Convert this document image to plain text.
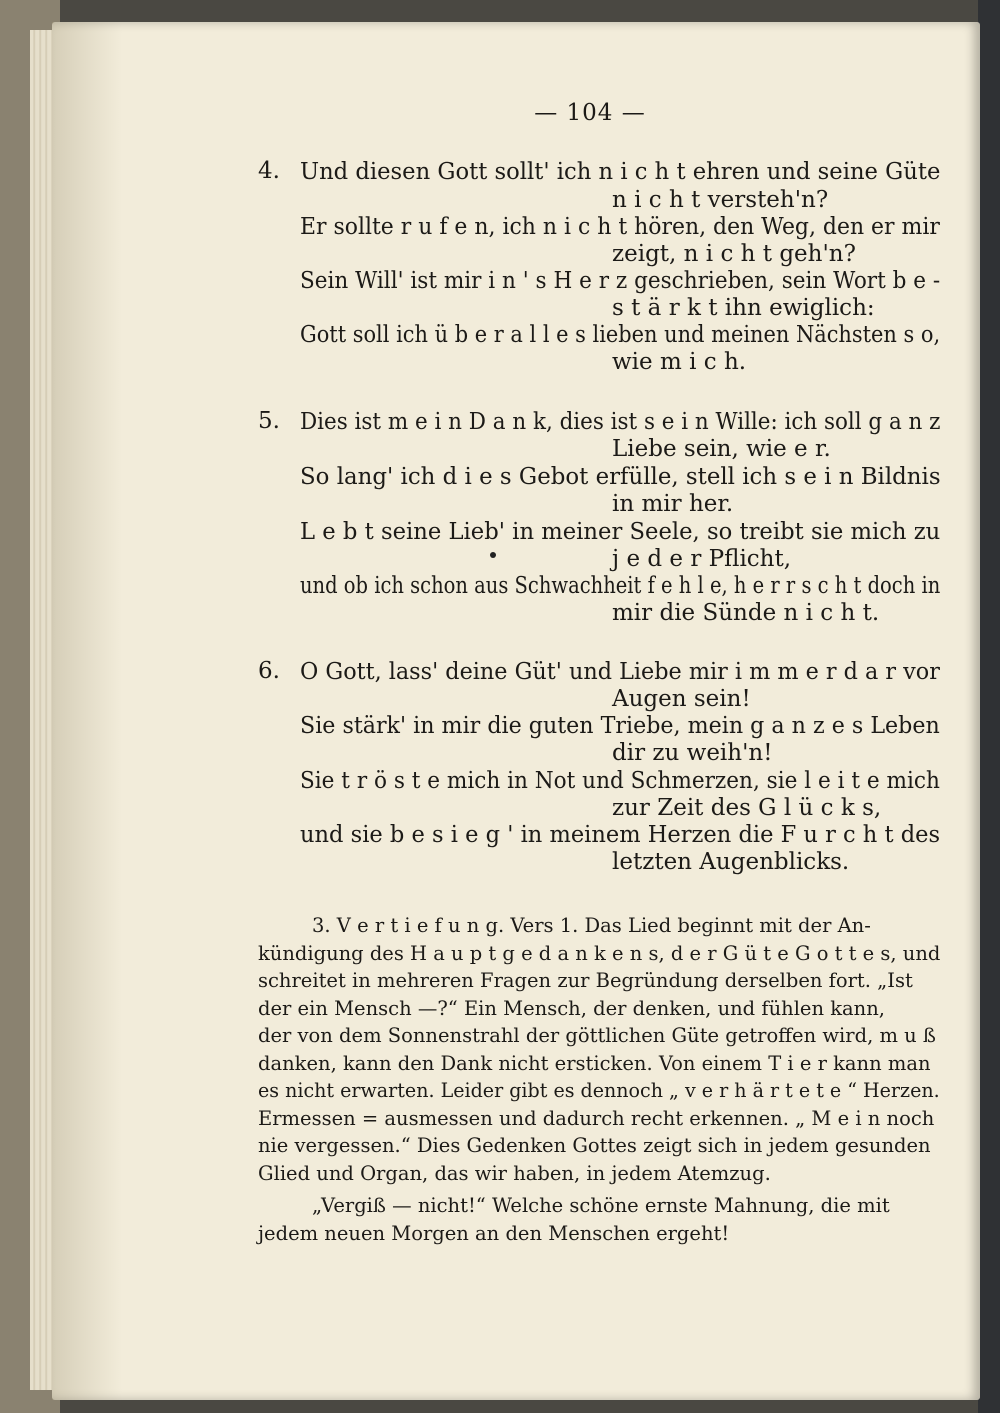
— 104 —
4. Und diesen Gott sollt' ich n i c h t ehren und seine Güte
n i c h t versteh'n?
Er sollte r u f e n, ich n i c h t hören, den Weg, den er mir
zeigt, n i c h t geh'n?
Sein Will' ist mir i n ' s H e r z geschrieben, sein Wort b e -
s t ä r k t ihn ewiglich:
Gott soll ich ü b e r a l l e s lieben und meinen Nächsten s o,
wie m i c h.
5. Dies ist m e i n D a n k, dies ist s e i n Wille: ich soll g a n z
Liebe sein, wie e r.
So lang' ich d i e s Gebot erfülle, stell ich s e i n Bildnis
in mir her.
L e b t seine Lieb' in meiner Seele, so treibt sie mich zu
j e d e r Pflicht,
und ob ich schon aus Schwachheit f e h l e, h e r r s c h t doch in
mir die Sünde n i c h t.
6. O Gott, lass' deine Güt' und Liebe mir i m m e r d a r vor
Augen sein!
Sie stärk' in mir die guten Triebe, mein g a n z e s Leben
dir zu weih'n!
Sie t r ö s t e mich in Not und Schmerzen, sie l e i t e mich
zur Zeit des G l ü c k s,
und sie b e s i e g ' in meinem Herzen die F u r c h t des
letzten Augenblicks.
3. V e r t i e f u n g. Vers 1. Das Lied beginnt mit der An-
kündigung des H a u p t g e d a n k e n s, d e r G ü t e G o t t e s, und
schreitet in mehreren Fragen zur Begründung derselben fort. „Ist
der ein Mensch —?“ Ein Mensch, der denken, und fühlen kann,
der von dem Sonnenstrahl der göttlichen Güte getroffen wird, m u ß
danken, kann den Dank nicht ersticken. Von einem T i e r kann man
es nicht erwarten. Leider gibt es dennoch „ v e r h ä r t e t e “ Herzen.
Ermessen = ausmessen und dadurch recht erkennen. „ M e i n noch
nie vergessen.“ Dies Gedenken Gottes zeigt sich in jedem gesunden
Glied und Organ, das wir haben, in jedem Atemzug.
„Vergiß — nicht!“ Welche schöne ernste Mahnung, die mit
jedem neuen Morgen an den Menschen ergeht!
